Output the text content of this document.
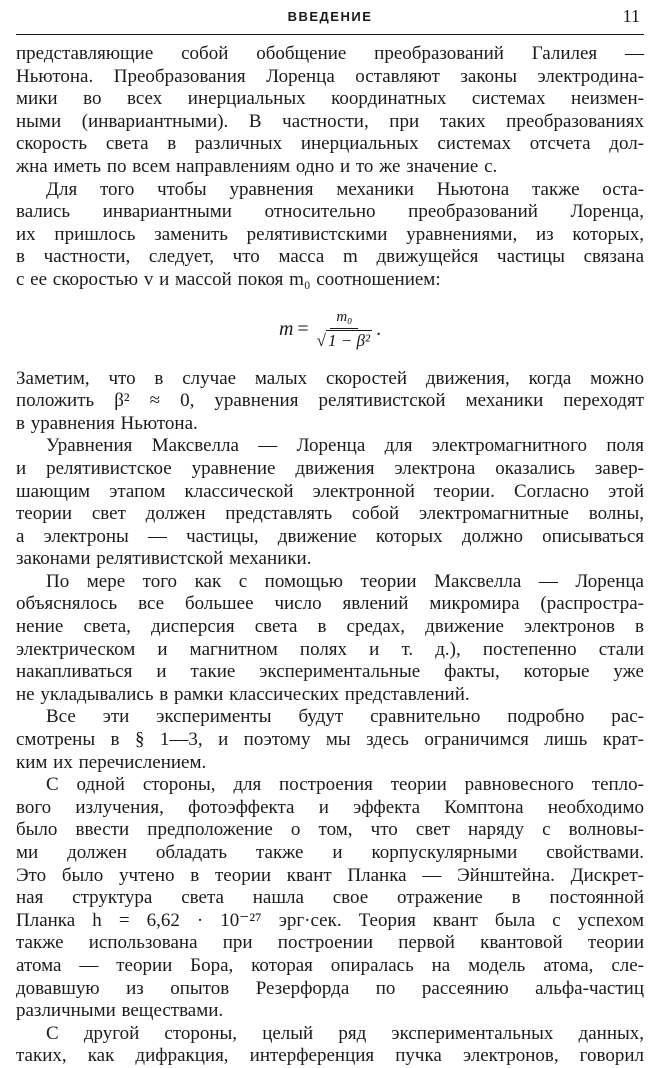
ВВЕДЕНИЕ	11

представляющие собой обобщение преобразований Галилея —
Ньютона. Преобразования Лоренца оставляют законы электродина-
мики во всех инерциальных координатных системах неизмен-
ными (инвариантными). В частности, при таких преобразованиях
скорость света в различных инерциальных системах отсчета дол-
жна иметь по всем направлениям одно и то же значение c.

Для того чтобы уравнения механики Ньютона также оста-
вались инвариантными относительно преобразований Лоренца,
их пришлось заменить релятивистскими уравнениями, из которых,
в частности, следует, что масса m движущейся частицы связана
с ее скоростью v и массой покоя m₀ соотношением:

$m = \frac{\text{m₀}}{\text{√ 1 − β²}}$ .

Заметим, что в случае малых скоростей движения, когда можно
положить β² ≈ 0, уравнения релятивистской механики переходят
в уравнения Ньютона.

Уравнения Максвелла — Лоренца для электромагнитного поля
и релятивистское уравнение движения электрона оказались завер-
шающим этапом классической электронной теории. Согласно этой
теории свет должен представлять собой электромагнитные волны,
а электроны — частицы, движение которых должно описываться
законами релятивистской механики.

По мере того как с помощью теории Максвелла — Лоренца
объяснялось все большее число явлений микромира (распростра-
нение света, дисперсия света в средах, движение электронов в
электрическом и магнитном полях и т. д.), постепенно стали
накапливаться и такие экспериментальные факты, которые уже
не укладывались в рамки классических представлений.

Все эти эксперименты будут сравнительно подробно рас-
смотрены в § 1—3, и поэтому мы здесь ограничимся лишь крат-
ким их перечислением.

С одной стороны, для построения теории равновесного тепло-
вого излучения, фотоэффекта и эффекта Комптона необходимо
было ввести предположение о том, что свет наряду с волновы-
ми должен обладать также и корпускулярными свойствами.
Это было учтено в теории квант Планка — Эйнштейна. Дискрет-
ная структура света нашла свое отражение в постоянной
Планка h = 6,62 · 10⁻²⁷ эрг·сек. Теория квант была с успехом
также использована при построении первой квантовой теории
атома — теории Бора, которая опиралась на модель атома, сле-
довавшую из опытов Резерфорда по рассеянию альфа-частиц
различными веществами.

С другой стороны, целый ряд экспериментальных данных,
таких, как дифракция, интерференция пучка электронов, говорил
